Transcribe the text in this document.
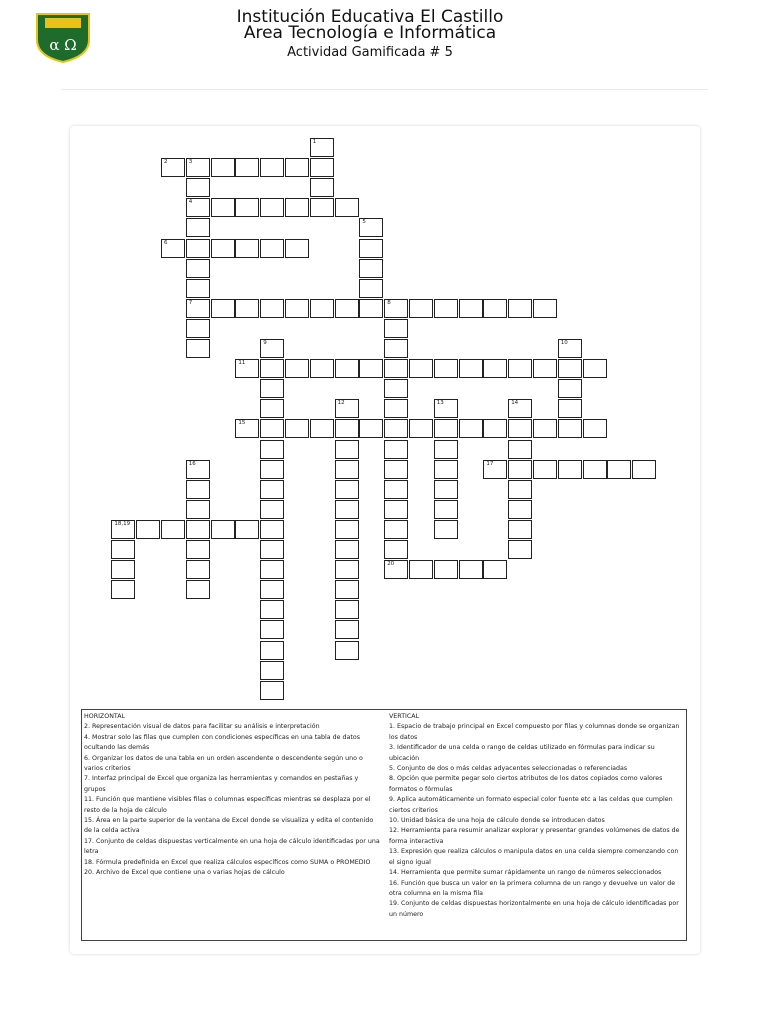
α Ω
Institución Educativa El Castillo
Area Tecnología e Informática
Actividad Gamificada # 5
1
2	3
4
7
5
6
8
20
9	10
11
12	13	14
15
16	17
18,19
HORIZONTAL
2. Representación visual de datos para facilitar su análisis e interpretación
4. Mostrar solo las filas que cumplen con condiciones específicas en una tabla de datos ocultando las demás
6. Organizar los datos de una tabla en un orden ascendente o descendente según uno o varios criterios
7. Interfaz principal de Excel que organiza las herramientas y comandos en pestañas y grupos
11. Función que mantiene visibles filas o columnas específicas mientras se desplaza por el resto de la hoja de cálculo
15. Área en la parte superior de la ventana de Excel donde se visualiza y edita el contenido de la celda activa
17. Conjunto de celdas dispuestas verticalmente en una hoja de cálculo identificadas por una letra
18. Fórmula predefinida en Excel que realiza cálculos específicos como SUMA o PROMEDIO
20. Archivo de Excel que contiene una o varias hojas de cálculo
VERTICAL
1. Espacio de trabajo principal en Excel compuesto por filas y columnas donde se organizan los datos
3. Identificador de una celda o rango de celdas utilizado en fórmulas para indicar su ubicación
5. Conjunto de dos o más celdas adyacentes seleccionadas o referenciadas
8. Opción que permite pegar solo ciertos atributos de los datos copiados como valores formatos o fórmulas
9. Aplica automáticamente un formato especial color fuente etc a las celdas que cumplen ciertos criterios
10. Unidad básica de una hoja de cálculo donde se introducen datos
12. Herramienta para resumir analizar explorar y presentar grandes volúmenes de datos de forma interactiva
13. Expresión que realiza cálculos o manipula datos en una celda siempre comenzando con el signo igual
14. Herramienta que permite sumar rápidamente un rango de números seleccionados
16. Función que busca un valor en la primera columna de un rango y devuelve un valor de otra columna en la misma fila
19. Conjunto de celdas dispuestas horizontalmente en una hoja de cálculo identificadas por un número
